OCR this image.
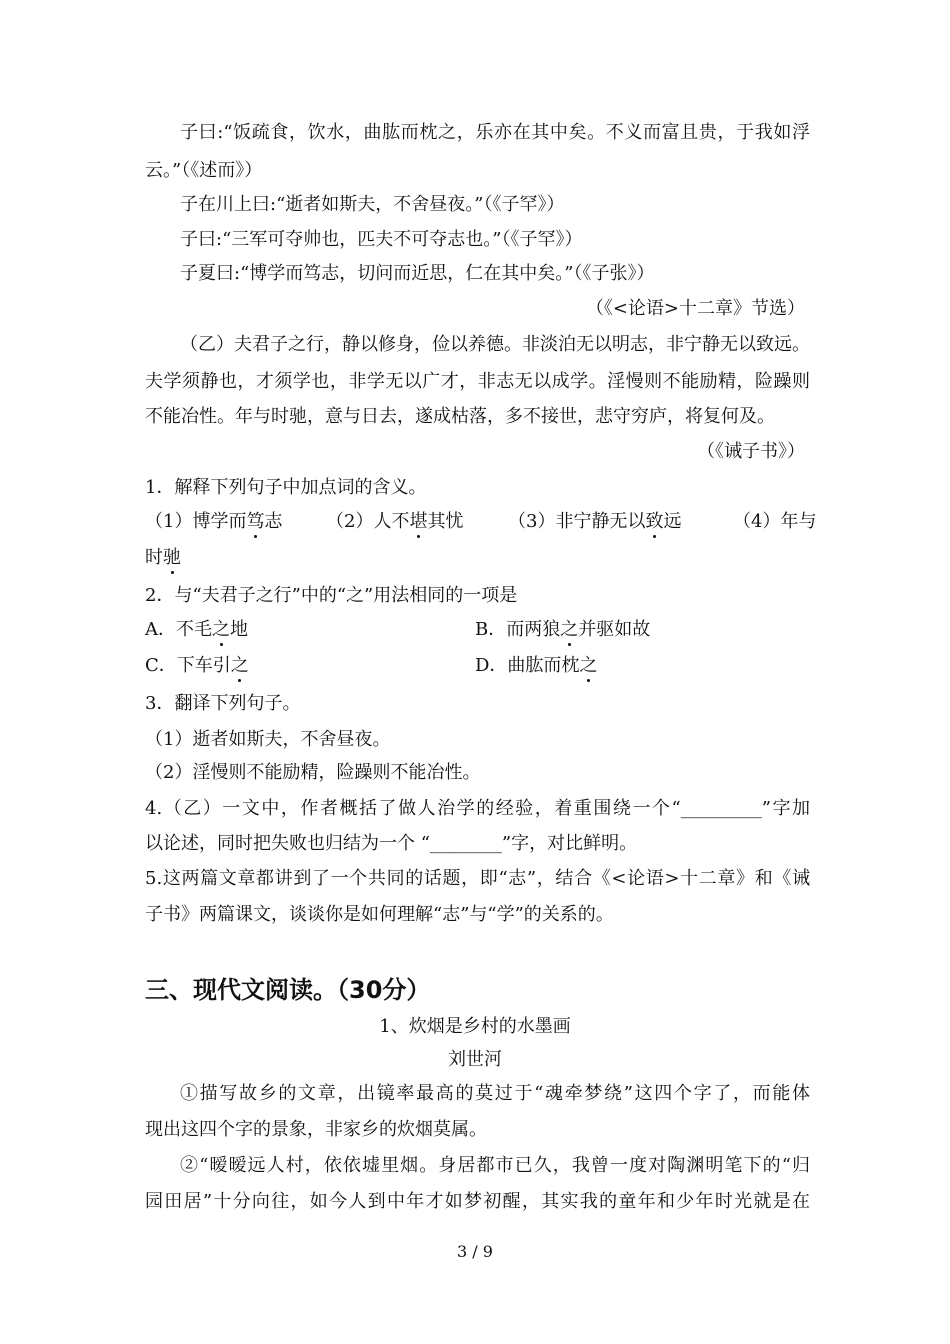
子曰:“饭疏食，饮水，曲肱而枕之，乐亦在其中矣。不义而富且贵，于我如浮
云。”（《述而》）
子在川上曰:“逝者如斯夫，不舍昼夜。”（《子罕》）
子曰:“三军可夺帅也，匹夫不可夺志也。”（《子罕》）
子夏曰:“博学而笃志，切问而近思，仁在其中矣。”（《子张》）
（《<论语>十二章》节选）
（乙）夫君子之行，静以修身，俭以养德。非淡泊无以明志，非宁静无以致远。
夫学须静也，才须学也，非学无以广才，非志无以成学。淫慢则不能励精，险躁则
不能冶性。年与时驰，意与日去，遂成枯落，多不接世，悲守穷庐，将复何及。
（《诫子书》）
1．解释下列句子中加点词的含义。
（1）博学而笃志 （2）人不堪其忧 （3）非宁静无以致远	（4）年与
时驰
2．与“夫君子之行”中的“之”用法相同的一项是
A．不毛之地	B．而两狼之并驱如故
C．下车引之	D．曲肱而枕之
3．翻译下列句子。
（1）逝者如斯夫，不舍昼夜。
（2）淫慢则不能励精，险躁则不能冶性。
4.（乙）一文中，作者概括了做人治学的经验，着重围绕一个“_________”字加
以论述，同时把失败也归结为一个 “________”字，对比鲜明。
5.这两篇文章都讲到了一个共同的话题，即“志”，结合《<论语>十二章》和《诫
子书》两篇课文，谈谈你是如何理解“志”与“学”的关系的。
三、现代文阅读。（30分）
1、炊烟是乡村的水墨画
刘世河
①描写故乡的文章，出镜率最高的莫过于“魂牵梦绕”这四个字了，而能体
现出这四个字的景象，非家乡的炊烟莫属。
②“暧暧远人村，依依墟里烟。身居都市已久，我曾一度对陶渊明笔下的“归
园田居”十分向往，如今人到中年才如梦初醒，其实我的童年和少年时光就是在
3 / 9
